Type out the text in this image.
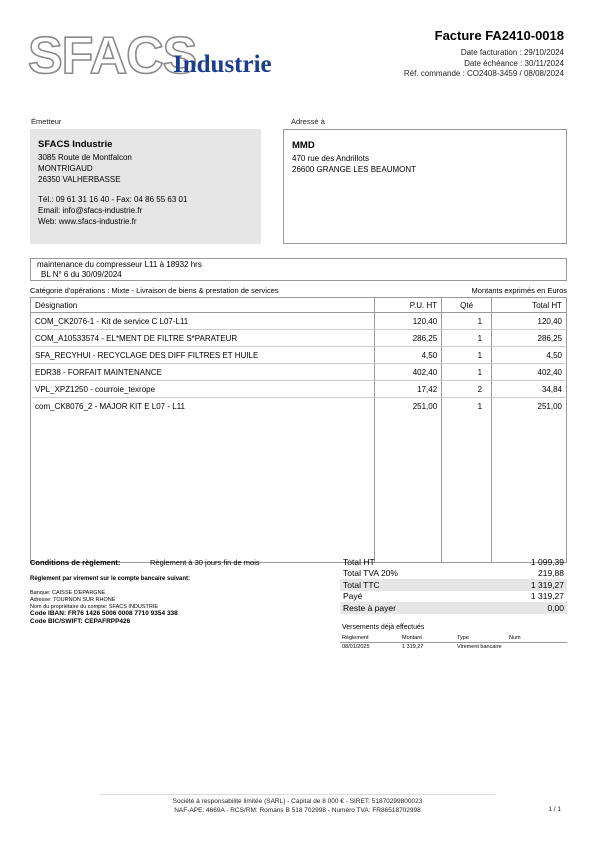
SFACS
Industrie
Facture FA2410-0018
Date facturation : 29/10/2024
Date échéance : 30/11/2024
Réf. commande : CO2408-3459 / 08/08/2024
Émetteur
SFACS Industrie
3085 Route de Montfalcon
MONTRIGAUD
26350 VALHERBASSE
Tél.: 09 61 31 16 40 - Fax: 04 86 55 63 01
Email: info@sfacs-industrie.fr
Web: www.sfacs-industrie.fr
Adressé à
MMD
470 rue des Andrillots
26600 GRANGE LES BEAUMONT
maintenance du compresseur L11 à 18932 hrs
BL N° 6 du 30/09/2024
Catégorie d'opérations : Mixte - Livraison de biens & prestation de services	Montants exprimés en Euros
Désignation	P.U. HT	Qté	Total HT
COM_CK2076-1 - Kit de service C L07-L11	120,40	1	120,40
COM_A10533574 - EL*MENT DE FILTRE S*PARATEUR	286,25	1	286,25
SFA_RECYHUI - RECYCLAGE DES DIFF FILTRES ET HUILE	4,50	1	4,50
EDR38 - FORFAIT MAINTENANCE	402,40	1	402,40
VPL_XPZ1250 - courroie_texrope	17,42	2	34,84
com_CK8076_2 - MAJOR KIT E L07 - L11	251,00	1	251,00

Conditions de règlement:	Règlement à 30 jours fin de mois
Règlement par virement sur le compte bancaire suivant:
Banque: CAISSE D'EPARGNE
Adresse: TOURNON SUR RHONE
Nom du propriétaire du compte: SFACS INDUSTRIE
Code IBAN: FR76 1426 5006 0008 7710 9354 338
Code BIC/SWIFT: CEPAFRPP426
Total HT	1 099,39
Total TVA 20%	219,88
Total TTC	1 319,27
Payé	1 319,27
Reste à payer	0,00
Versements déjà effectués
Règlement	Montant	Type	Num
08/01/2025	1 319,27	Virement bancaire	
Société à responsabilité limitée (SARL) - Capital de 8 000 € - SIRET: 51870299800023
NAF-APE: 4669A - RCS/RM: Romans B 518 702998 - Numéro TVA: FR86518702998	1 / 1
